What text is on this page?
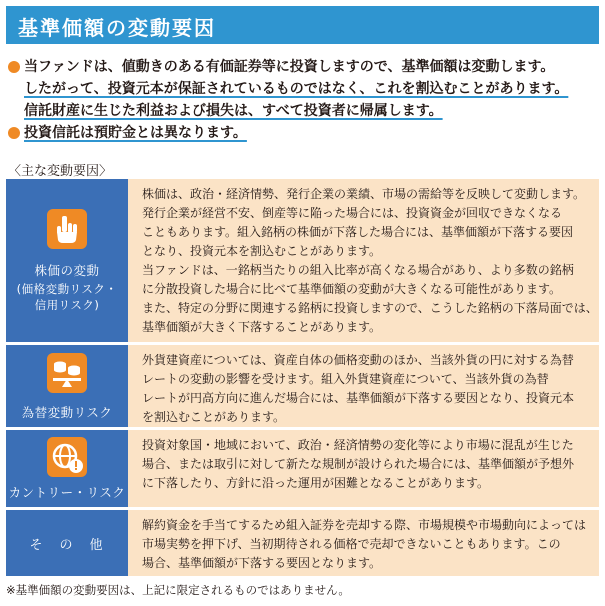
基準価額の変動要因
当ファンドは、値動きのある有価証券等に投資しますので、基準価額は変動します。
したがって、投資元本が保証されているものではなく、これを割込むことがあります。
信託財産に生じた利益および損失は、すべて投資者に帰属します。
投資信託は預貯金とは異なります。
〈主な変動要因〉
株価の変動
(価格変動リスク・
信用リスク)
株価は、政治・経済情勢、発行企業の業績、市場の需給等を反映して変動します。
発行企業が経営不安、倒産等に陥った場合には、投資資金が回収できなくなる
こともあります。組入銘柄の株価が下落した場合には、基準価額が下落する要因
となり、投資元本を割込むことがあります。
当ファンドは、一銘柄当たりの組入比率が高くなる場合があり、より多数の銘柄
に分散投資した場合に比べて基準価額の変動が大きくなる可能性があります。
また、特定の分野に関連する銘柄に投資しますので、こうした銘柄の下落局面では、
基準価額が大きく下落することがあります。
為替変動リスク
外貨建資産については、資産自体の価格変動のほか、当該外貨の円に対する為替
レートの変動の影響を受けます。組入外貨建資産について、当該外貨の為替
レートが円高方向に進んだ場合には、基準価額が下落する要因となり、投資元本
を割込むことがあります。
カントリー・リスク
投資対象国・地域において、政治・経済情勢の変化等により市場に混乱が生じた
場合、または取引に対して新たな規制が設けられた場合には、基準価額が予想外
に下落したり、方針に沿った運用が困難となることがあります。
そ　の　他
解約資金を手当てするため組入証券を売却する際、市場規模や市場動向によっては
市場実勢を押下げ、当初期待される価格で売却できないこともあります。この
場合、基準価額が下落する要因となります。
※基準価額の変動要因は、上記に限定されるものではありません。
